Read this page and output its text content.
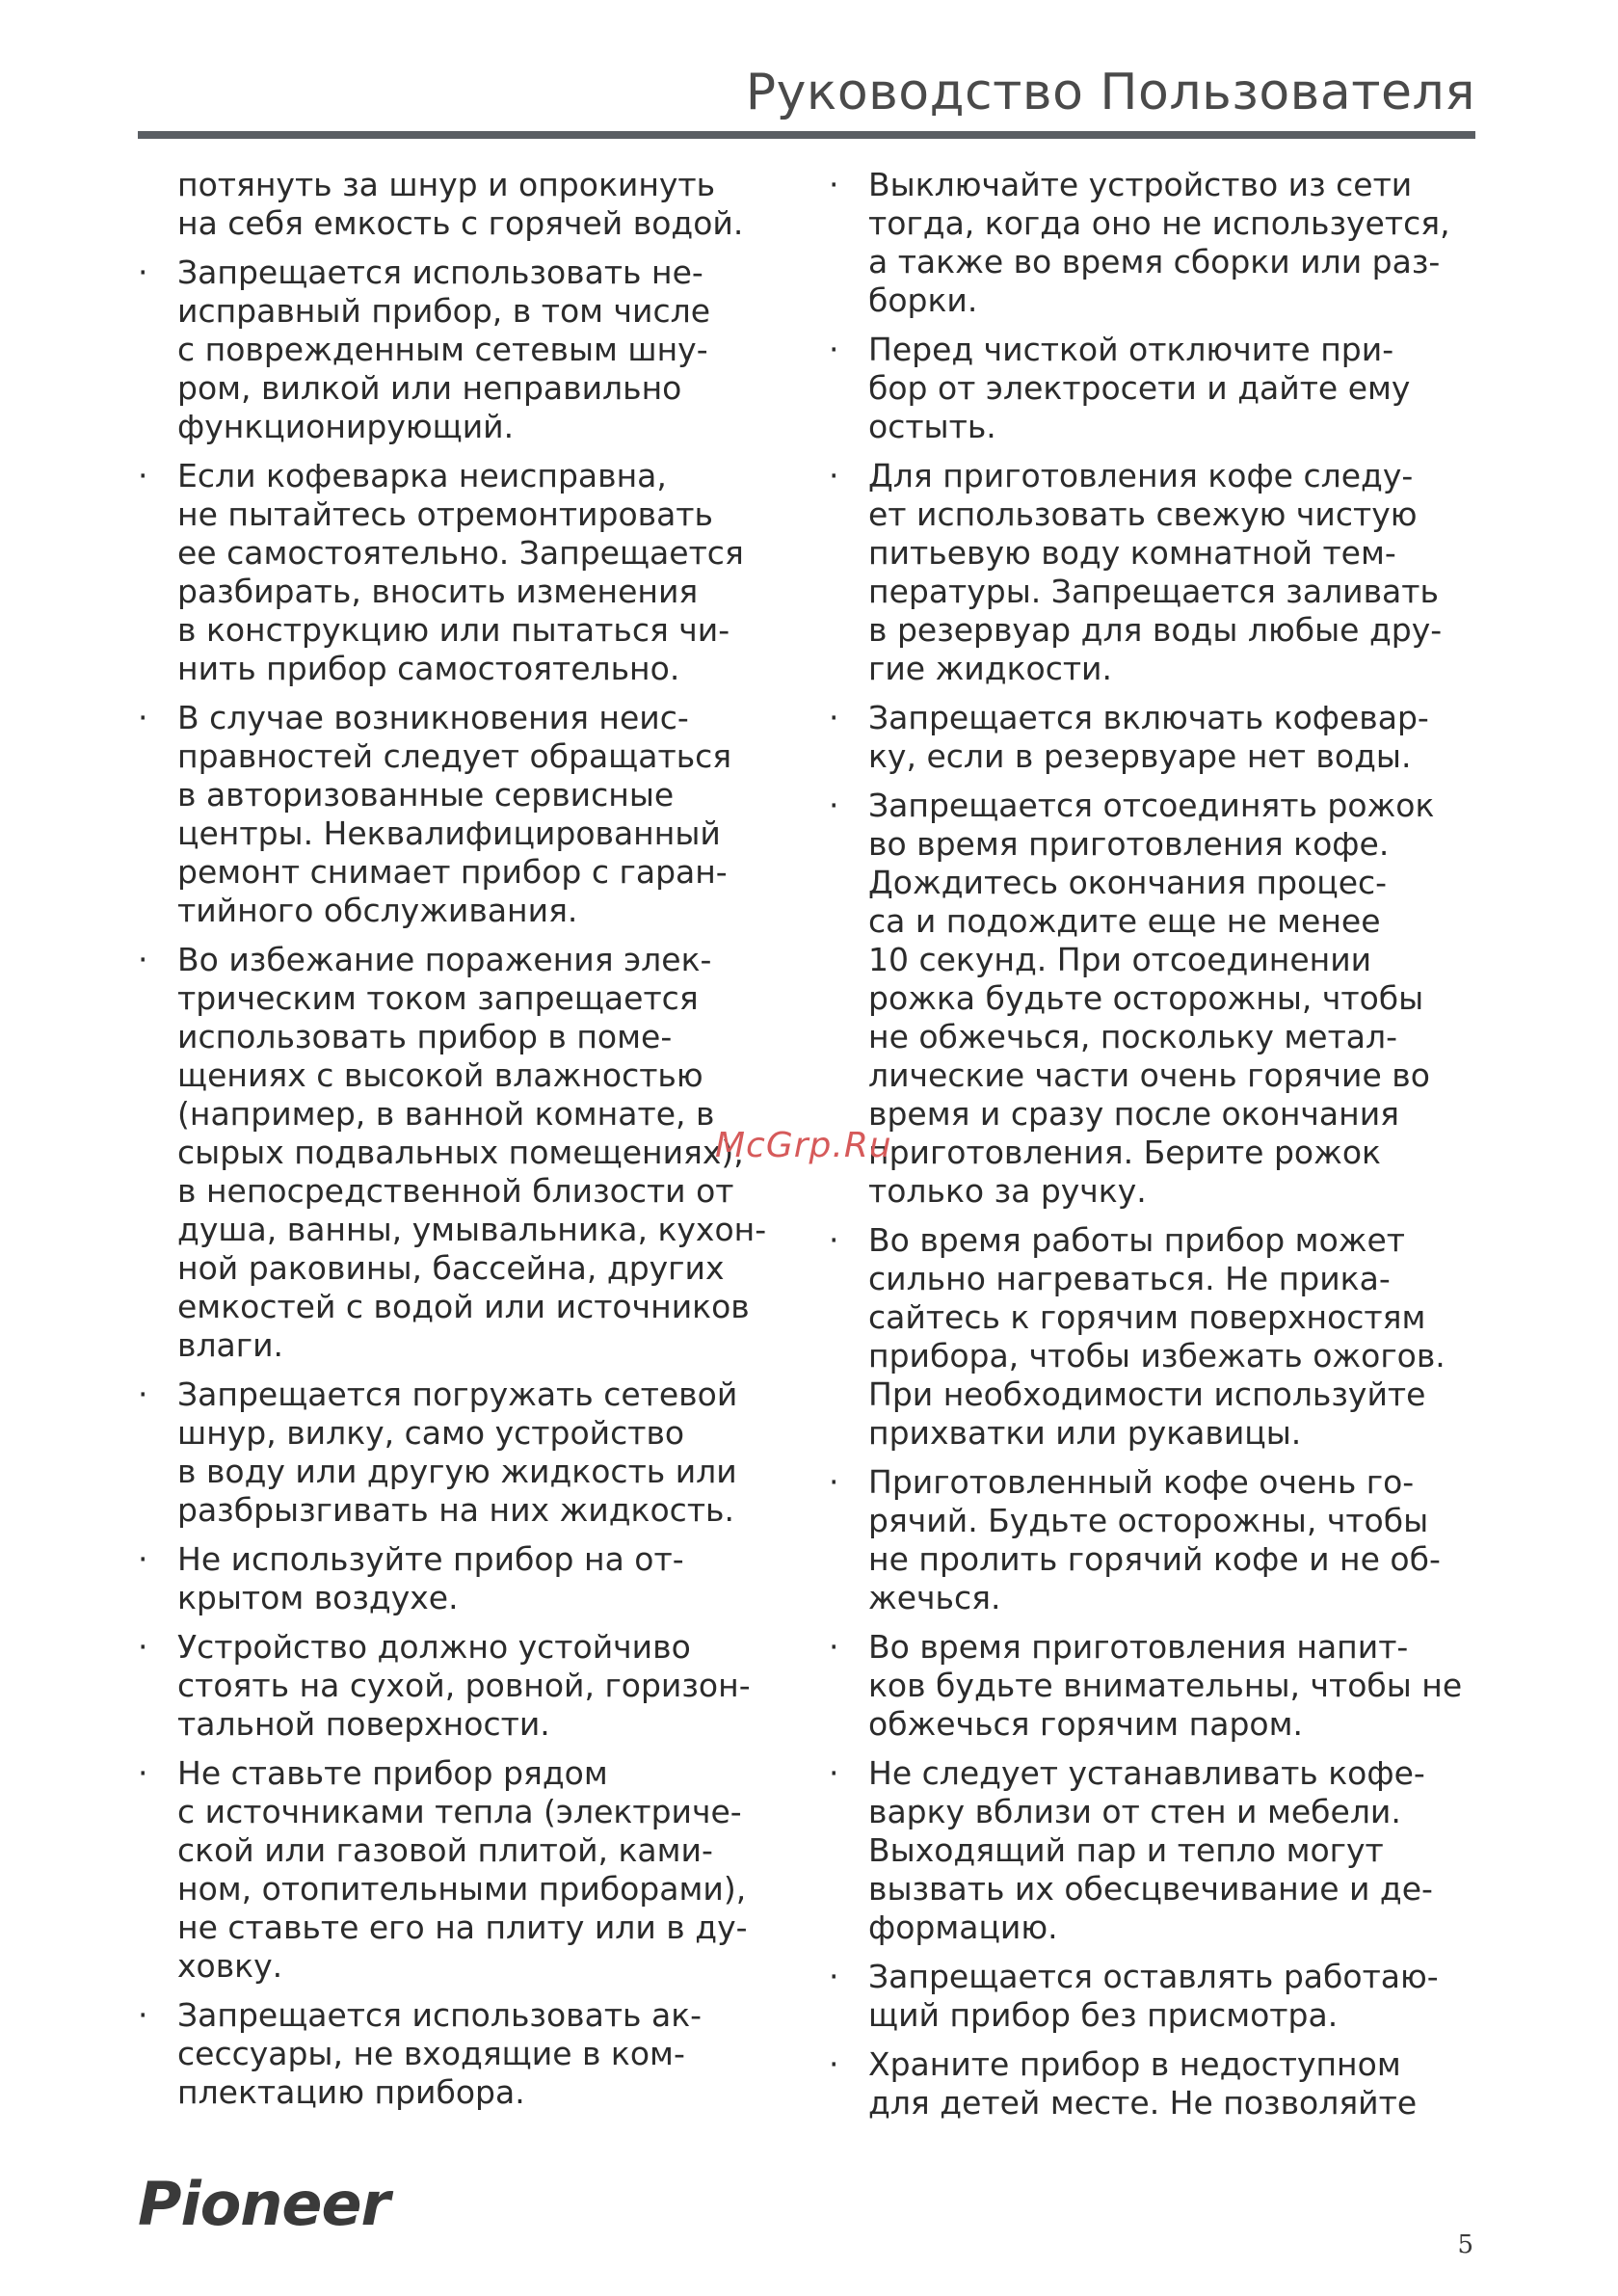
Руководство Пользователя
потянуть за шнур и опрокинуть
на себя емкость с горячей водой.
· Запрещается использовать не-
исправный прибор, в том числе
с поврежденным сетевым шну-
ром, вилкой или неправильно
функционирующий.
· Если кофеварка неисправна,
не пытайтесь отремонтировать
ее самостоятельно. Запрещается
разбирать, вносить изменения
в конструкцию или пытаться чи-
нить прибор самостоятельно.
· В случае возникновения неис-
правностей следует обращаться
в авторизованные сервисные
центры. Неквалифицированный
ремонт снимает прибор с гаран-
тийного обслуживания.
· Во избежание поражения элек-
трическим током запрещается
использовать прибор в поме-
щениях с высокой влажностью
(например, в ванной комнате, в
сырых подвальных помещениях),
в непосредственной близости от
душа, ванны, умывальника, кухон-
ной раковины, бассейна, других
емкостей с водой или источников
влаги.
· Запрещается погружать сетевой
шнур, вилку, само устройство
в воду или другую жидкость или
разбрызгивать на них жидкость.
· Не используйте прибор на от-
крытом воздухе.
· Устройство должно устойчиво
стоять на сухой, ровной, горизон-
тальной поверхности.
· Не ставьте прибор рядом
с источниками тепла (электриче-
ской или газовой плитой, ками-
ном, отопительными приборами),
не ставьте его на плиту или в ду-
ховку.
· Запрещается использовать ак-
сессуары, не входящие в ком-
плектацию прибора.
· Выключайте устройство из сети
тогда, когда оно не используется,
а также во время сборки или раз-
борки.
· Перед чисткой отключите при-
бор от электросети и дайте ему
остыть.
· Для приготовления кофе следу-
ет использовать свежую чистую
питьевую воду комнатной тем-
пературы. Запрещается заливать
в резервуар для воды любые дру-
гие жидкости.
· Запрещается включать кофевар-
ку, если в резервуаре нет воды.
· Запрещается отсоединять рожок
во время приготовления кофе.
Дождитесь окончания процес-
са и подождите еще не менее
10 секунд. При отсоединении
рожка будьте осторожны, чтобы
не обжечься, поскольку метал-
лические части очень горячие во
время и сразу после окончания
приготовления. Берите рожок
только за ручку.
· Во время работы прибор может
сильно нагреваться. Не прика-
сайтесь к горячим поверхностям
прибора, чтобы избежать ожогов.
При необходимости используйте
прихватки или рукавицы.
· Приготовленный кофе очень го-
рячий. Будьте осторожны, чтобы
не пролить горячий кофе и не об-
жечься.
· Во время приготовления напит-
ков будьте внимательны, чтобы не
обжечься горячим паром.
· Не следует устанавливать кофе-
варку вблизи от стен и мебели.
Выходящий пар и тепло могут
вызвать их обесцвечивание и де-
формацию.
· Запрещается оставлять работаю-
щий прибор без присмотра.
· Храните прибор в недоступном
для детей месте. Не позволяйте
McGrp.Ru
Pioneer
5
